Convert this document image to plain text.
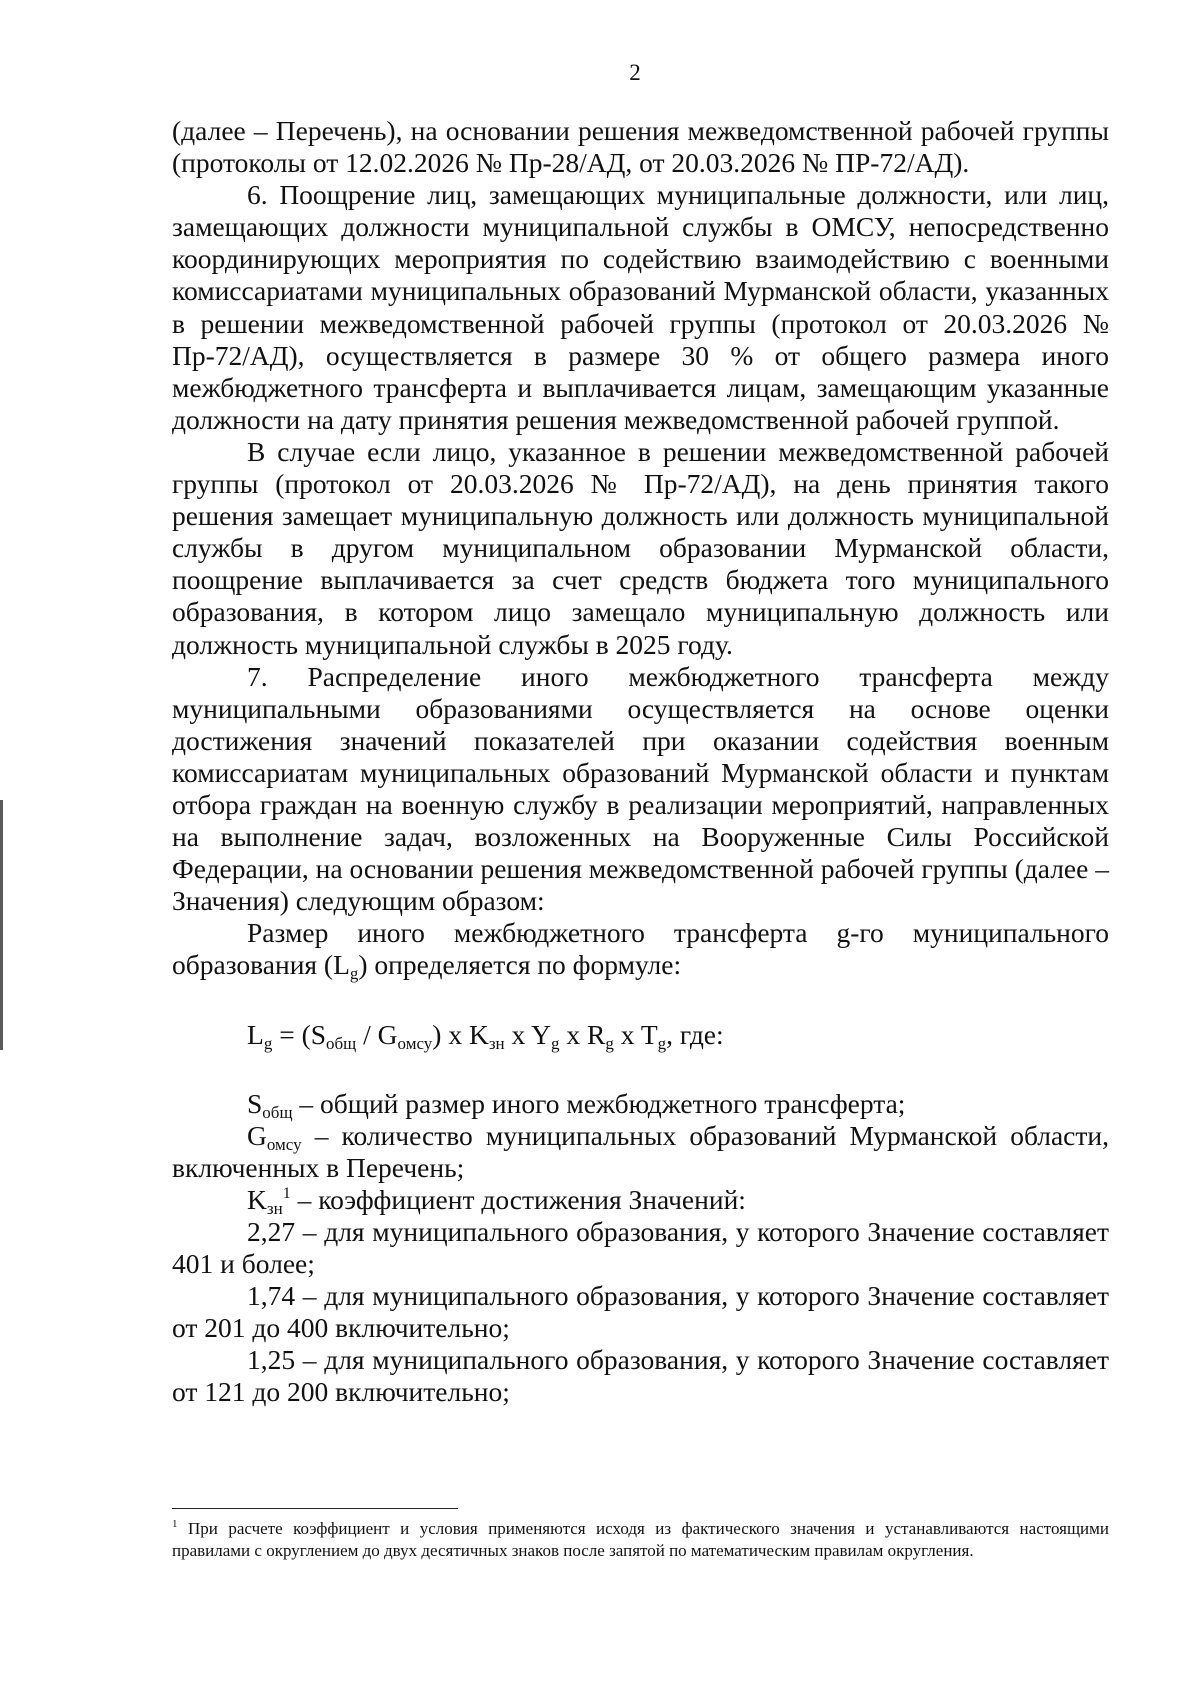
2

(далее – Перечень), на основании решения межведомственной рабочей группы (протоколы от 12.02.2026 № Пр-28/АД, от 20.03.2026 № ПР-72/АД).

6. Поощрение лиц, замещающих муниципальные должности, или лиц, замещающих должности муниципальной службы в ОМСУ, непосредственно координирующих мероприятия по содействию взаимодействию с военными комиссариатами муниципальных образований Мурманской области, указанных в решении межведомственной рабочей группы (протокол от 20.03.2026 № Пр-72/АД), осуществляется в размере 30 % от общего размера иного межбюджетного трансферта и выплачивается лицам, замещающим указанные должности на дату принятия решения межведомственной рабочей группой.

В случае если лицо, указанное в решении межведомственной рабочей группы (протокол от 20.03.2026 № Пр-72/АД), на день принятия такого решения замещает муниципальную должность или должность муниципальной службы в другом муниципальном образовании Мурманской области, поощрение выплачивается за счет средств бюджета того муниципального образования, в котором лицо замещало муниципальную должность или должность муниципальной службы в 2025 году.

7. Распределение иного межбюджетного трансферта между муниципальными образованиями осуществляется на основе оценки достижения значений показателей при оказании содействия военным комиссариатам муниципальных образований Мурманской области и пунктам отбора граждан на военную службу в реализации мероприятий, направленных на выполнение задач, возложенных на Вооруженные Силы Российской Федерации, на основании решения межведомственной рабочей группы (далее – Значения) следующим образом:

Размер иного межбюджетного трансферта g-го муниципального образования $(L_g)$ определяется по формуле:

$L_g = (S_{общ} / G_{омсу})$ x $K_{зн}$ x $Y_g$ x $R_g$ x $T_g$, где:

$S_{общ}$ – общий размер иного межбюджетного трансферта;

$G_{омсу}$ – количество муниципальных образований Мурманской области, включенных в Перечень;

$K_{зн}^1$ – коэффициент достижения Значений:

2,27 – для муниципального образования, у которого Значение составляет 401 и более;

1,74 – для муниципального образования, у которого Значение составляет от 201 до 400 включительно;

1,25 – для муниципального образования, у которого Значение составляет от 121 до 200 включительно;

$^1$ При расчете коэффициент и условия применяются исходя из фактического значения и устанавливаются настоящими правилами с округлением до двух десятичных знаков после запятой по математическим правилам округления.
